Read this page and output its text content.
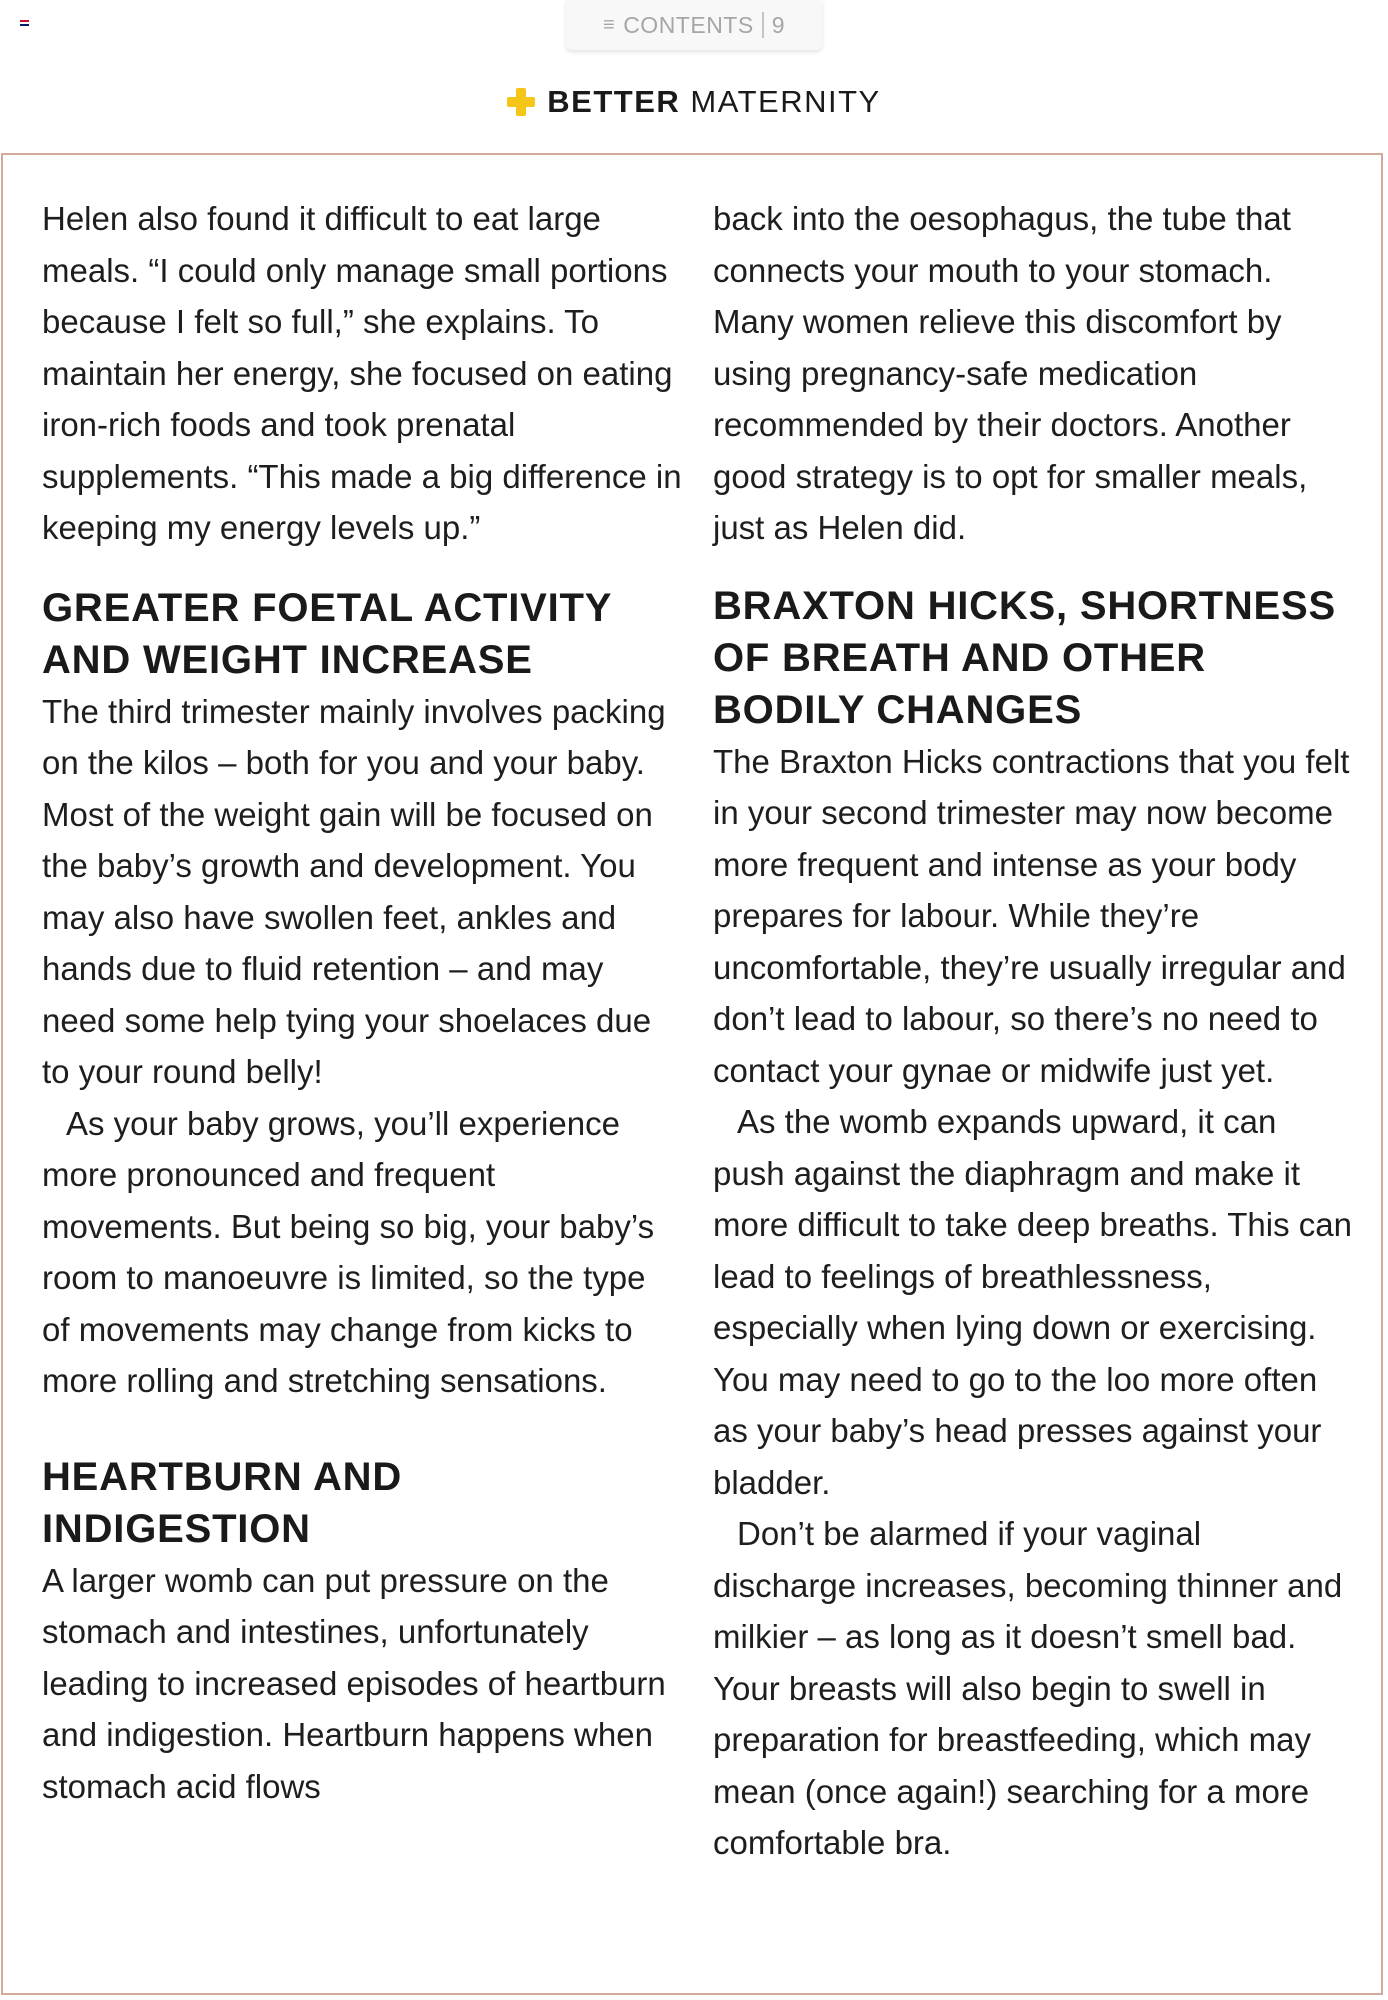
≡ CONTENTS 9
BETTER MATERNITY

Helen also found it difficult to eat large meals. “I could only manage small portions because I felt so full,” she explains. To maintain her energy, she focused on eating iron-rich foods and took prenatal supplements. “This made a big difference in keeping my energy levels up.”

GREATER FOETAL ACTIVITY AND WEIGHT INCREASE

The third trimester mainly involves packing on the kilos – both for you and your baby. Most of the weight gain will be focused on the baby’s growth and development. You may also have swollen feet, ankles and hands due to fluid retention – and may need some help tying your shoelaces due to your round belly!

As your baby grows, you’ll experience more pronounced and frequent movements. But being so big, your baby’s room to manoeuvre is limited, so the type of movements may change from kicks to more rolling and stretching sensations.

HEARTBURN AND INDIGESTION

A larger womb can put pressure on the stomach and intestines, unfortunately leading to increased episodes of heartburn and indigestion. Heartburn happens when stomach acid flows

back into the oesophagus, the tube that connects your mouth to your stomach. Many women relieve this discomfort by using pregnancy-safe medication recommended by their doctors. Another good strategy is to opt for smaller meals, just as Helen did.

BRAXTON HICKS, SHORTNESS OF BREATH AND OTHER BODILY CHANGES

The Braxton Hicks contractions that you felt in your second trimester may now become more frequent and intense as your body prepares for labour. While they’re uncomfortable, they’re usually irregular and don’t lead to labour, so there’s no need to contact your gynae or midwife just yet.

As the womb expands upward, it can push against the diaphragm and make it more difficult to take deep breaths. This can lead to feelings of breathlessness, especially when lying down or exercising. You may need to go to the loo more often as your baby’s head presses against your bladder.

Don’t be alarmed if your vaginal discharge increases, becoming thinner and milkier – as long as it doesn’t smell bad. Your breasts will also begin to swell in preparation for breastfeeding, which may mean (once again!) searching for a more comfortable bra.
